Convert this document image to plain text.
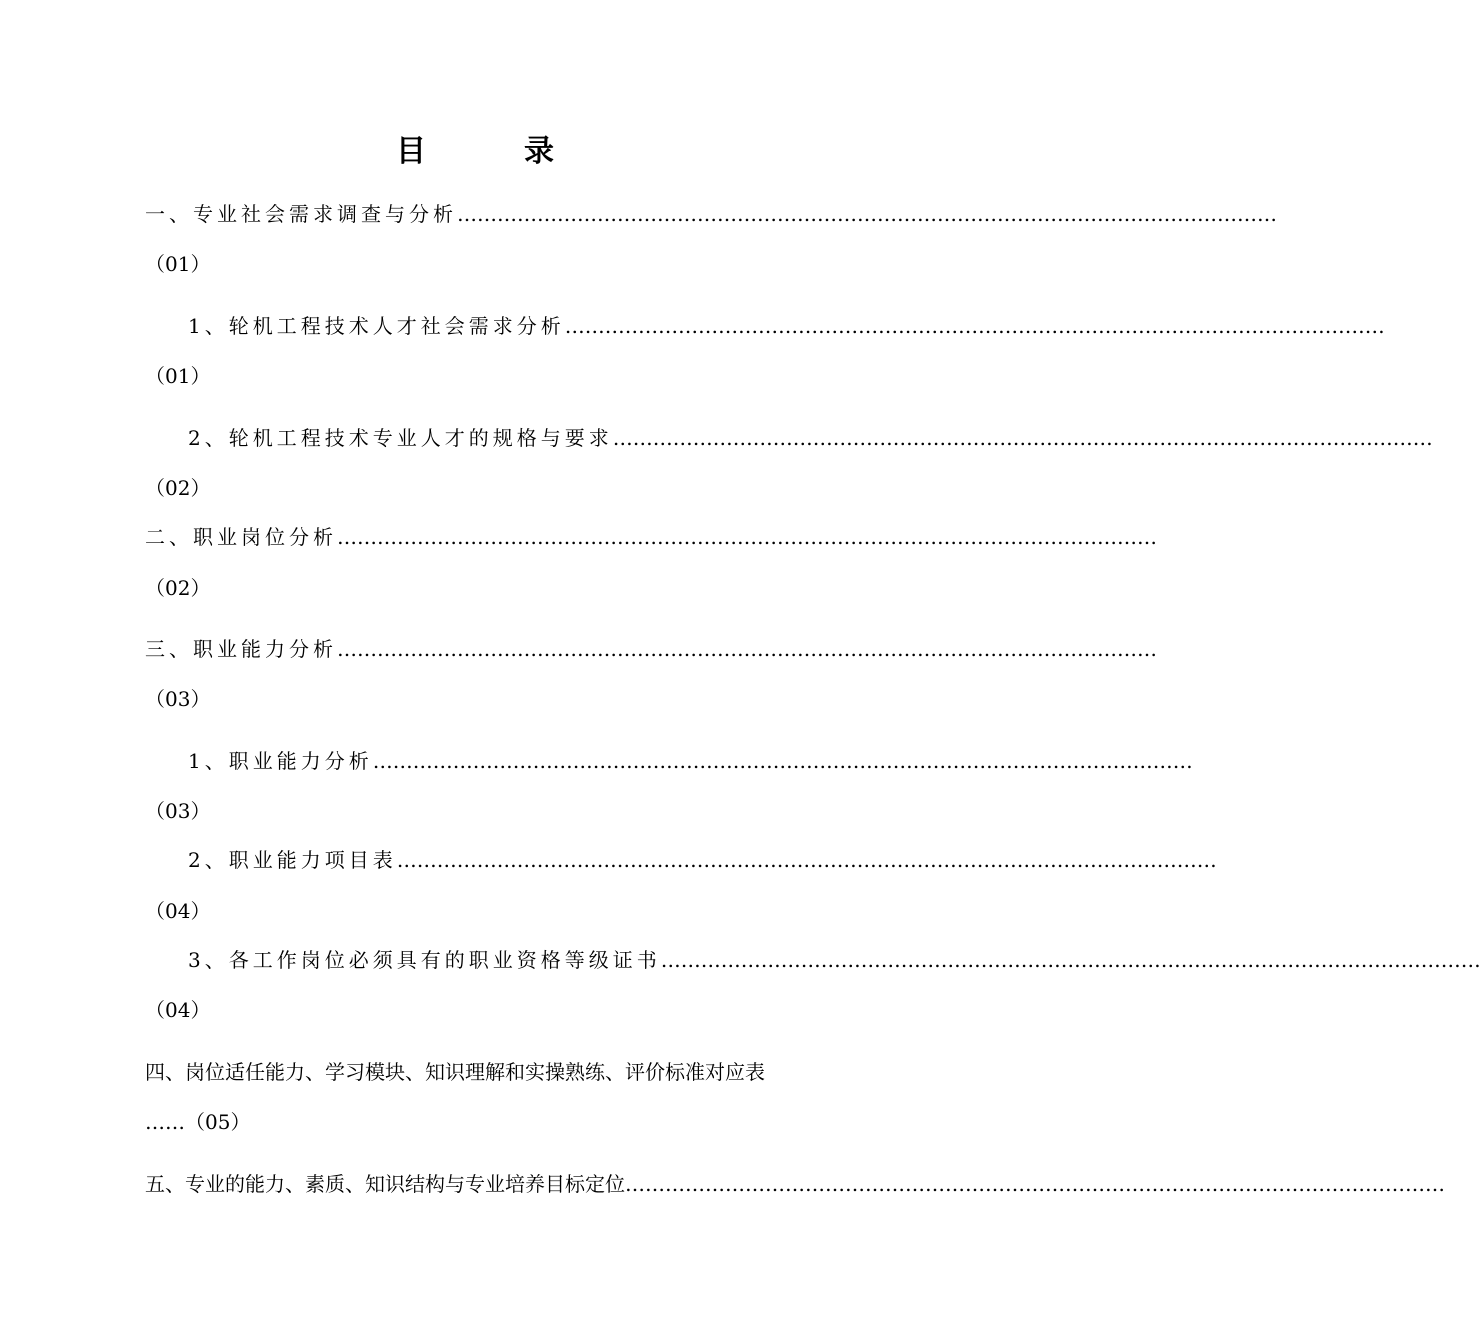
目　录
一、专业社会需求调查与分析 ……………………………………………………………………………………………………………
（01）
1、轮机工程技术人才社会需求分析 ……………………………………………………………………………………………………………
（01）
2、轮机工程技术专业人才的规格与要求 ……………………………………………………………………………………………………………
（02）
二、职业岗位分析 ……………………………………………………………………………………………………………
（02）
三、职业能力分析 ……………………………………………………………………………………………………………
（03）
1、职业能力分析 ……………………………………………………………………………………………………………
（03）
2、职业能力项目表 ……………………………………………………………………………………………………………
（04）
3、各工作岗位必须具有的职业资格等级证书 ……………………………………………………………………………………………………………
（04）
四、岗位适任能力、学习模块、知识理解和实操熟练、评价标准对应表
……（05）
五、专业的能力、素质、知识结构与专业培养目标定位 ……………………………………………………………………………………………………………
